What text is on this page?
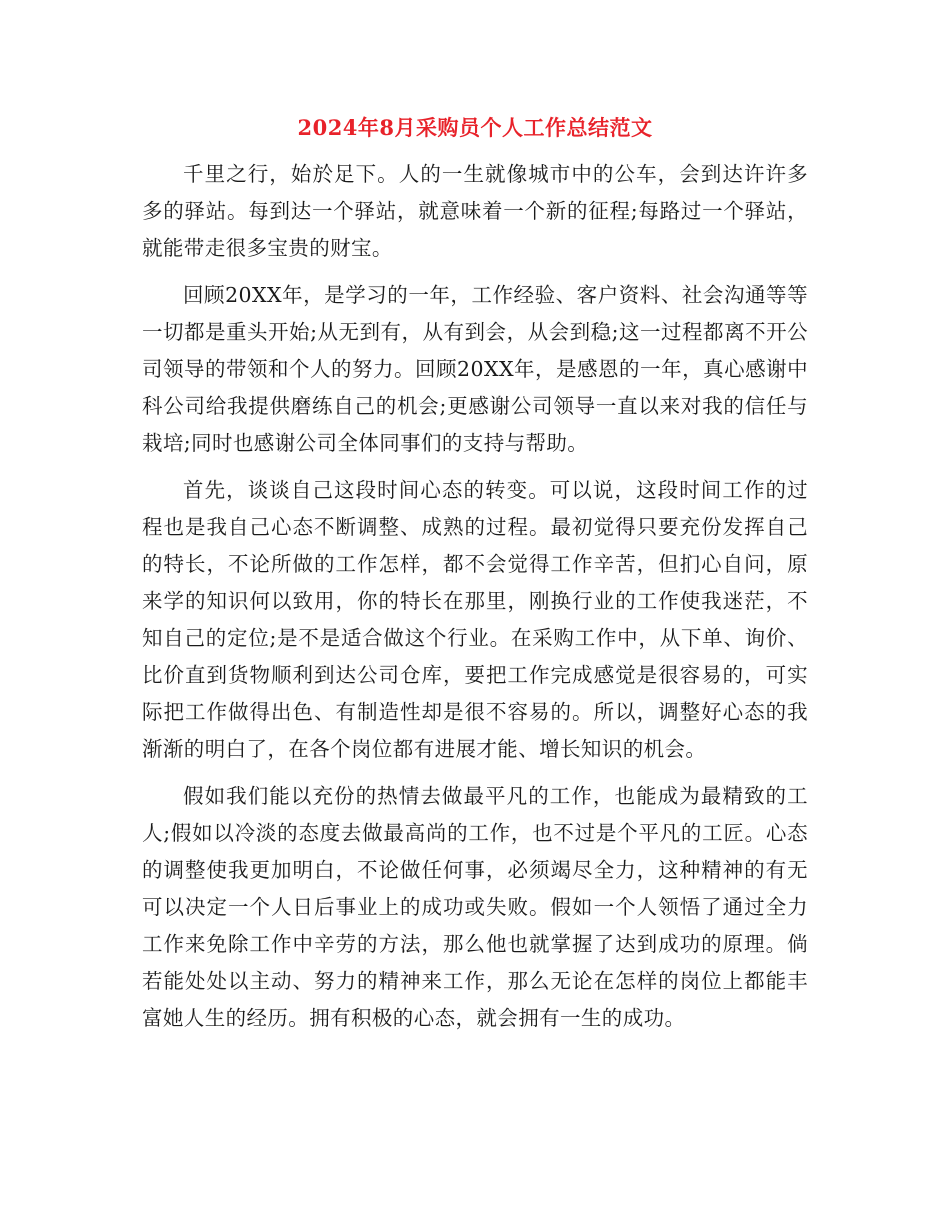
2024年8月采购员个人工作总结范文

千里之行，始於足下。人的一生就像城市中的公车，会到达许许多多的驿站。每到达一个驿站，就意味着一个新的征程;每路过一个驿站，就能带走很多宝贵的财宝。

回顾20XX年，是学习的一年，工作经验、客户资料、社会沟通等等一切都是重头开始;从无到有，从有到会，从会到稳;这一过程都离不开公司领导的带领和个人的努力。回顾20XX年，是感恩的一年，真心感谢中科公司给我提供磨练自己的机会;更感谢公司领导一直以来对我的信任与栽培;同时也感谢公司全体同事们的支持与帮助。

首先，谈谈自己这段时间心态的转变。可以说，这段时间工作的过程也是我自己心态不断调整、成熟的过程。最初觉得只要充份发挥自己的特长，不论所做的工作怎样，都不会觉得工作辛苦，但扪心自问，原来学的知识何以致用，你的特长在那里，刚换行业的工作使我迷茫，不知自己的定位;是不是适合做这个行业。在采购工作中，从下单、询价、比价直到货物顺利到达公司仓库，要把工作完成感觉是很容易的，可实际把工作做得出色、有制造性却是很不容易的。所以，调整好心态的我渐渐的明白了，在各个岗位都有进展才能、增长知识的机会。

假如我们能以充份的热情去做最平凡的工作，也能成为最精致的工人;假如以冷淡的态度去做最高尚的工作，也不过是个平凡的工匠。心态的调整使我更加明白，不论做任何事，必须竭尽全力，这种精神的有无可以决定一个人日后事业上的成功或失败。假如一个人领悟了通过全力工作来免除工作中辛劳的方法，那么他也就掌握了达到成功的原理。倘若能处处以主动、努力的精神来工作，那么无论在怎样的岗位上都能丰富她人生的经历。拥有积极的心态，就会拥有一生的成功。
